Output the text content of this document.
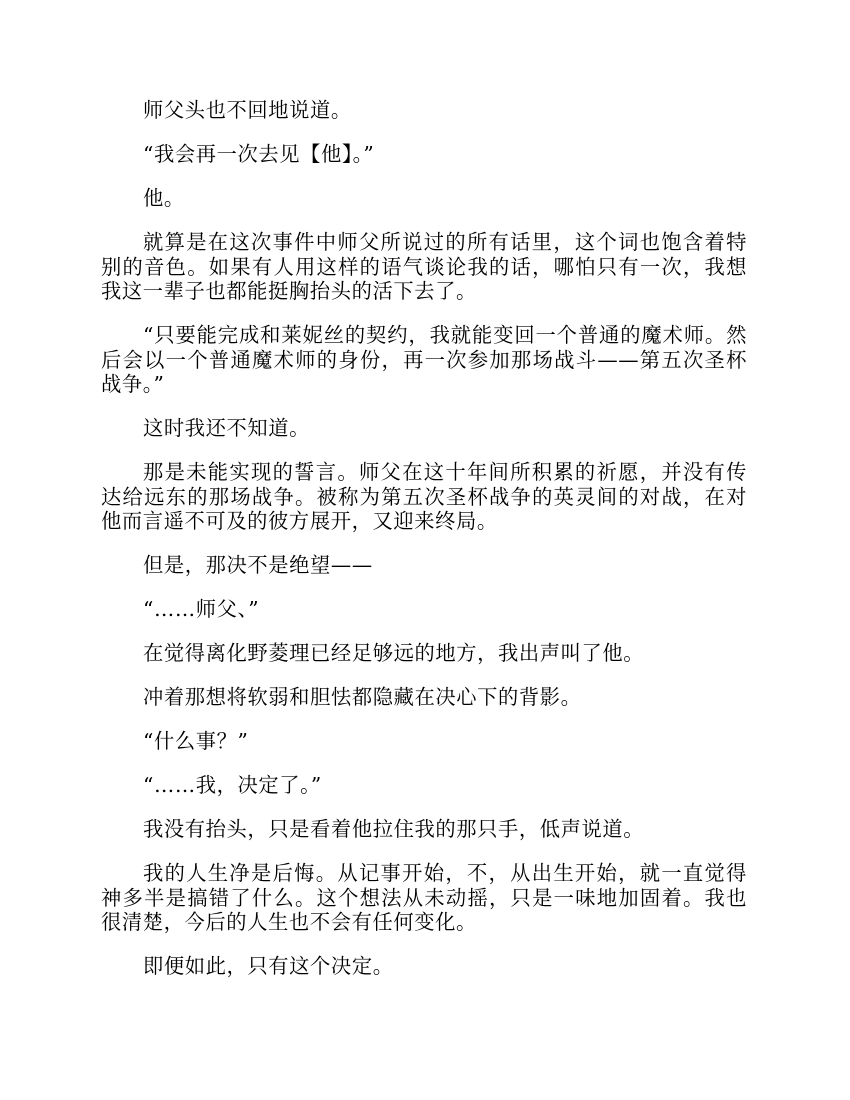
师父头也不回地说道。

“我会再一次去见【他】。”

他。

就算是在这次事件中师父所说过的所有话里，这个词也饱含着特别的音色。如果有人用这样的语气谈论我的话，哪怕只有一次，我想我这一辈子也都能挺胸抬头的活下去了。

“只要能完成和莱妮丝的契约，我就能变回一个普通的魔术师。然后会以一个普通魔术师的身份，再一次参加那场战斗——第五次圣杯战争。”

这时我还不知道。

那是未能实现的誓言。师父在这十年间所积累的祈愿，并没有传达给远东的那场战争。被称为第五次圣杯战争的英灵间的对战，在对他而言遥不可及的彼方展开，又迎来终局。

但是，那决不是绝望——

“……师父、”

在觉得离化野菱理已经足够远的地方，我出声叫了他。

冲着那想将软弱和胆怯都隐藏在决心下的背影。

“什么事？”

“……我，决定了。”

我没有抬头，只是看着他拉住我的那只手，低声说道。

我的人生净是后悔。从记事开始，不，从出生开始，就一直觉得神多半是搞错了什么。这个想法从未动摇，只是一味地加固着。我也很清楚，今后的人生也不会有任何变化。

即便如此，只有这个决定。
